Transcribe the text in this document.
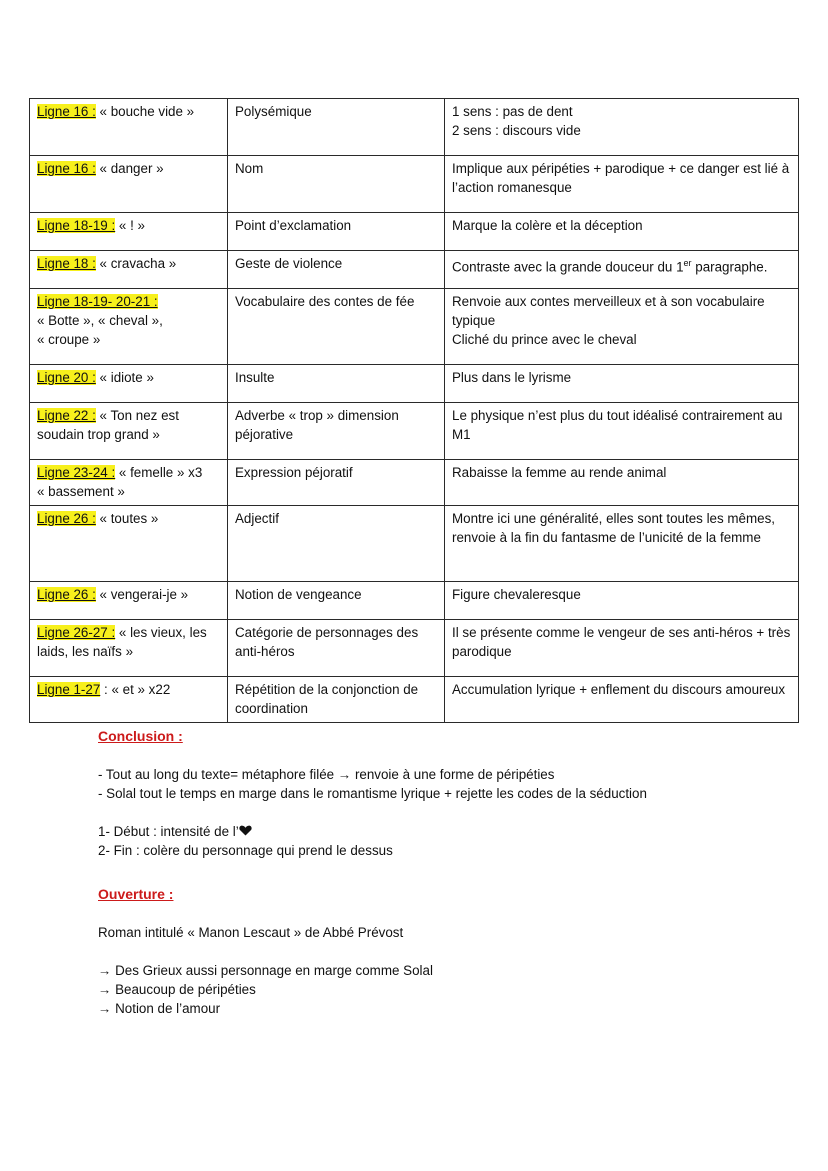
Ligne 16 : « bouche vide »	Polysémique	1 sens : pas de dent
2 sens : discours vide

Ligne 16 : « danger »	Nom	Implique aux péripéties + parodique + ce danger est lié à l’action romanesque

Ligne 18-19 : « ! »	Point d’exclamation	Marque la colère et la déception

Ligne 18 : « cravacha »	Geste de violence	Contraste avec la grande douceur du 1er paragraphe.

Ligne 18-19- 20-21 :
« Botte », « cheval »,
« croupe »	Vocabulaire des contes de fée	Renvoie aux contes merveilleux et à son vocabulaire typique
Cliché du prince avec le cheval

Ligne 20 : « idiote »	Insulte	Plus dans le lyrisme

Ligne 22 : « Ton nez est soudain trop grand »	Adverbe « trop » dimension péjorative	Le physique n’est plus du tout idéalisé contrairement au M1

Ligne 23-24 : « femelle » x3
« bassement »	Expression péjoratif	Rabaisse la femme au rende animal

Ligne 26 : « toutes »	Adjectif	Montre ici une généralité, elles sont toutes les mêmes, renvoie à la fin du fantasme de l’unicité de la femme

Ligne 26 : « vengerai-je »	Notion de vengeance	Figure chevaleresque

Ligne 26-27 : « les vieux, les laids, les naïfs »	Catégorie de personnages des anti-héros	Il se présente comme le vengeur de ses anti-héros + très parodique

Ligne 1-27 : « et » x22	Répétition de la conjonction de coordination	Accumulation lyrique + enflement du discours amoureux
Conclusion :
- Tout au long du texte= métaphore filée → renvoie à une forme de péripéties
- Solal tout le temps en marge dans le romantisme lyrique + rejette les codes de la séduction
1- Début : intensité de l’
2- Fin : colère du personnage qui prend le dessus
Ouverture :
Roman intitulé « Manon Lescaut » de Abbé Prévost
→ Des Grieux aussi personnage en marge comme Solal
→ Beaucoup de péripéties
→ Notion de l’amour
